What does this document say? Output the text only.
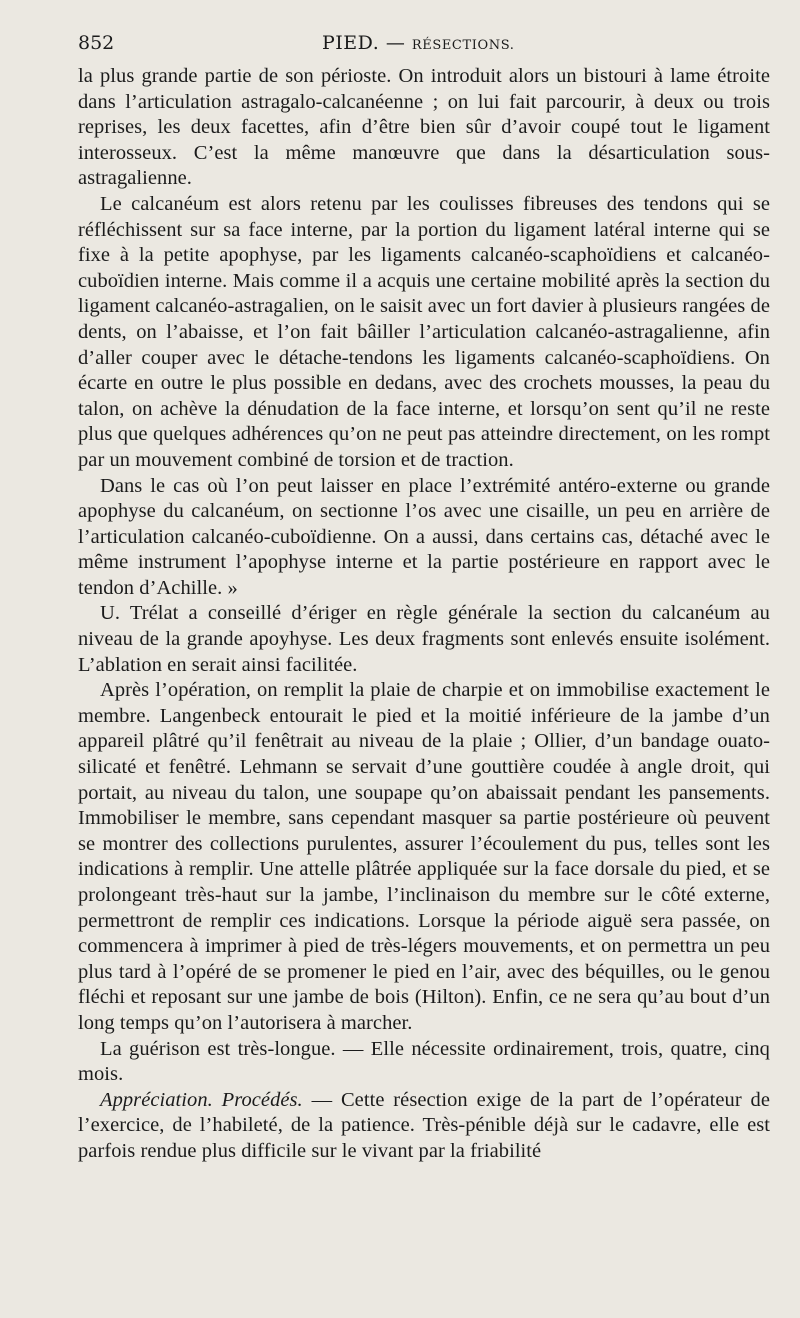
852	PIED. — RÉSECTIONS.

la plus grande partie de son périoste. On introduit alors un bistouri à lame étroite dans l’articulation astragalo-calcanéenne ; on lui fait parcourir, à deux ou trois reprises, les deux facettes, afin d’être bien sûr d’avoir coupé tout le ligament interosseux. C’est la même manœuvre que dans la désarticulation sous-astragalienne.

Le calcanéum est alors retenu par les coulisses fibreuses des tendons qui se réfléchissent sur sa face interne, par la portion du ligament latéral interne qui se fixe à la petite apophyse, par les ligaments calcanéo-scaphoïdiens et calcanéo-cuboïdien interne. Mais comme il a acquis une certaine mobilité après la section du ligament calcanéo-astragalien, on le saisit avec un fort davier à plusieurs rangées de dents, on l’abaisse, et l’on fait bâiller l’articulation calcanéo-astragalienne, afin d’aller couper avec le détache-tendons les ligaments calcanéo-scaphoïdiens. On écarte en outre le plus possible en dedans, avec des crochets mousses, la peau du talon, on achève la dénudation de la face interne, et lorsqu’on sent qu’il ne reste plus que quelques adhérences qu’on ne peut pas atteindre directement, on les rompt par un mouvement combiné de torsion et de traction.

Dans le cas où l’on peut laisser en place l’extrémité antéro-externe ou grande apophyse du calcanéum, on sectionne l’os avec une cisaille, un peu en arrière de l’articulation calcanéo-cuboïdienne. On a aussi, dans certains cas, détaché avec le même instrument l’apophyse interne et la partie postérieure en rapport avec le tendon d’Achille. »

U. Trélat a conseillé d’ériger en règle générale la section du calcanéum au niveau de la grande apoyhyse. Les deux fragments sont enlevés ensuite isolément. L’ablation en serait ainsi facilitée.

Après l’opération, on remplit la plaie de charpie et on immobilise exactement le membre. Langenbeck entourait le pied et la moitié inférieure de la jambe d’un appareil plâtré qu’il fenêtrait au niveau de la plaie ; Ollier, d’un bandage ouato-silicaté et fenêtré. Lehmann se servait d’une gouttière coudée à angle droit, qui portait, au niveau du talon, une soupape qu’on abaissait pendant les pansements. Immobiliser le membre, sans cependant masquer sa partie postérieure où peuvent se montrer des collections purulentes, assurer l’écoulement du pus, telles sont les indications à remplir. Une attelle plâtrée appliquée sur la face dorsale du pied, et se prolongeant très-haut sur la jambe, l’inclinaison du membre sur le côté externe, permettront de remplir ces indications. Lorsque la période aiguë sera passée, on commencera à imprimer à pied de très-légers mouvements, et on permettra un peu plus tard à l’opéré de se promener le pied en l’air, avec des béquilles, ou le genou fléchi et reposant sur une jambe de bois (Hilton). Enfin, ce ne sera qu’au bout d’un long temps qu’on l’autorisera à marcher.

La guérison est très-longue. — Elle nécessite ordinairement, trois, quatre, cinq mois.

Appréciation. Procédés. — Cette résection exige de la part de l’opérateur de l’exercice, de l’habileté, de la patience. Très-pénible déjà sur le cadavre, elle est parfois rendue plus difficile sur le vivant par la friabilité
